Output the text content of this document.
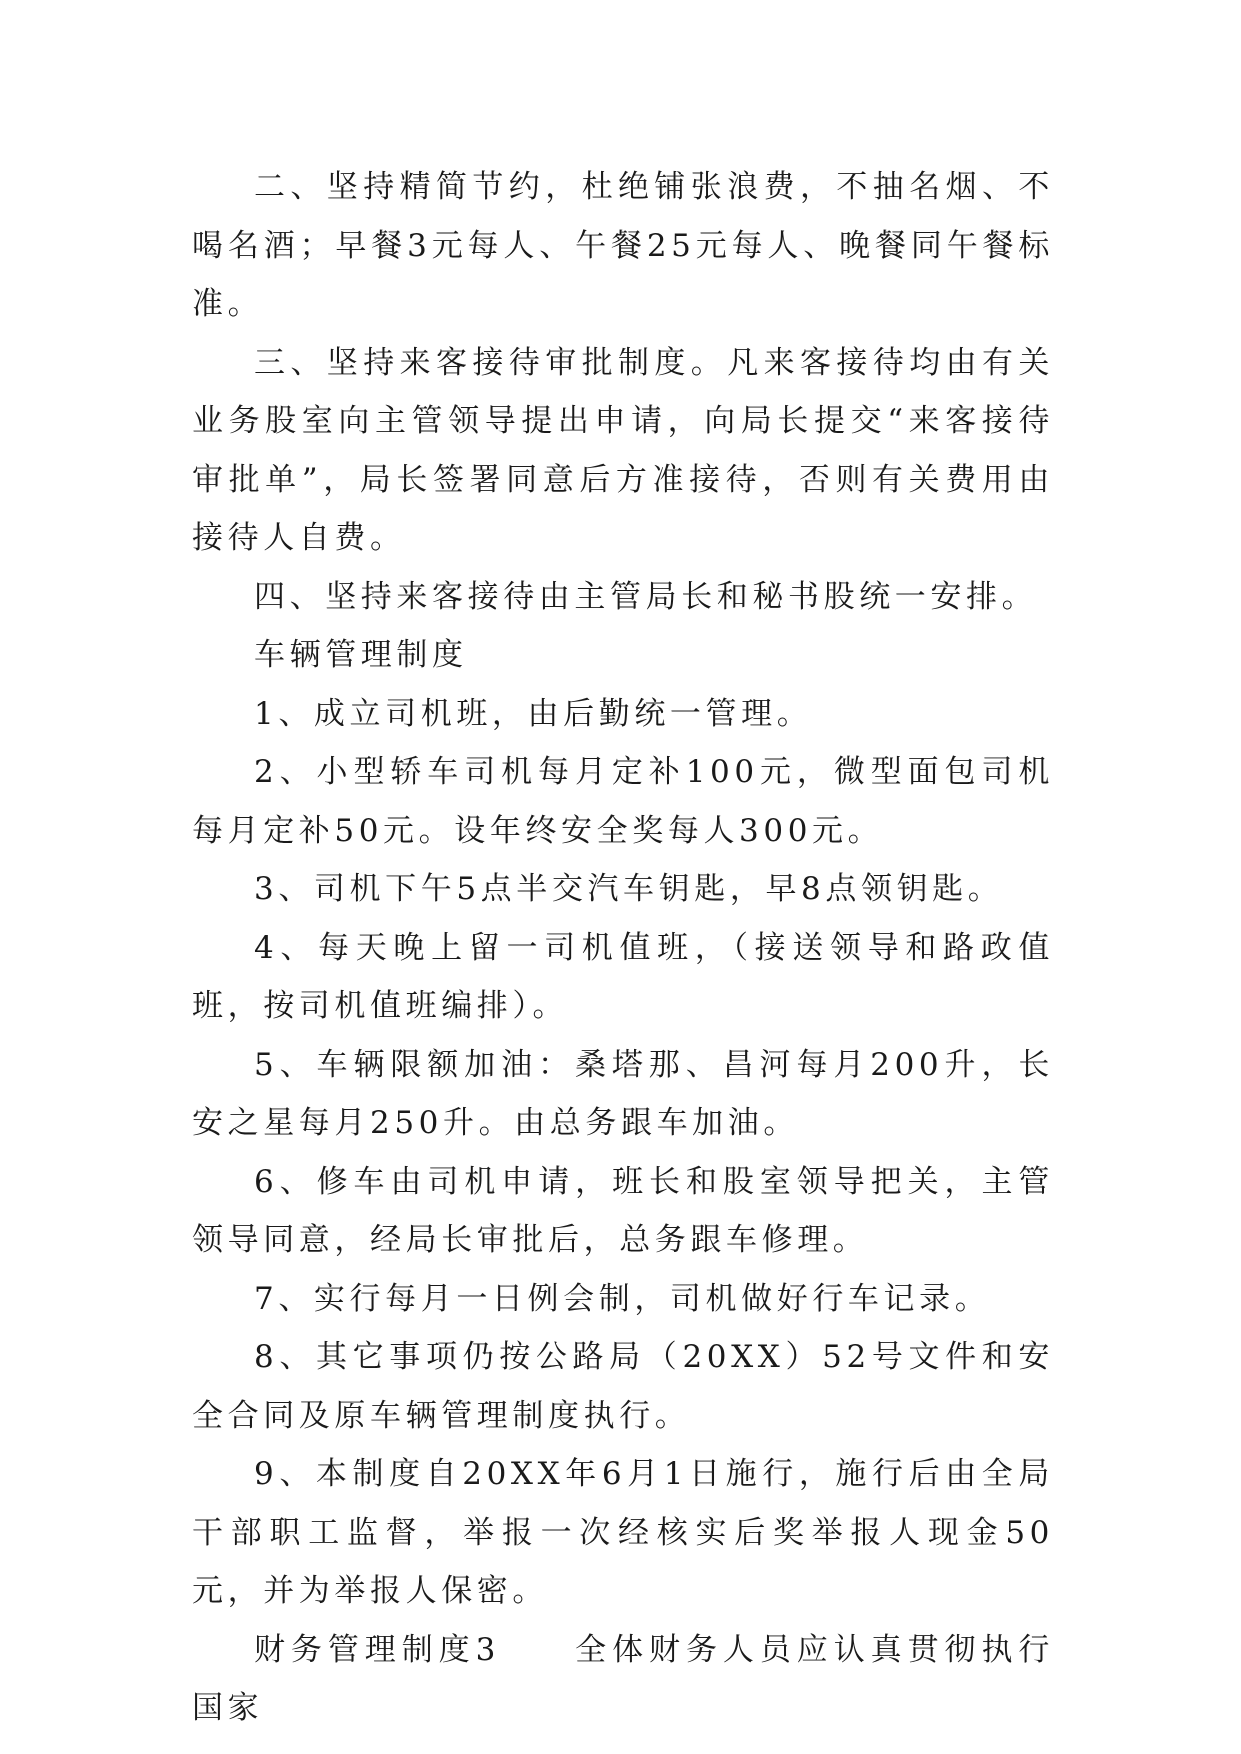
二、坚持精简节约，杜绝铺张浪费，不抽名烟、不喝名酒；早餐3元每人、午餐25元每人、晚餐同午餐标准。

三、坚持来客接待审批制度。凡来客接待均由有关业务股室向主管领导提出申请，向局长提交“来客接待审批单”，局长签署同意后方准接待，否则有关费用由接待人自费。

四、坚持来客接待由主管局长和秘书股统一安排。

车辆管理制度

1、成立司机班，由后勤统一管理。

2、小型轿车司机每月定补100元，微型面包司机每月定补50元。设年终安全奖每人300元。

3、司机下午5点半交汽车钥匙，早8点领钥匙。

4、每天晚上留一司机值班，（接送领导和路政值班，按司机值班编排）。

5、车辆限额加油：桑塔那、昌河每月200升，长安之星每月250升。由总务跟车加油。

6、修车由司机申请，班长和股室领导把关，主管领导同意，经局长审批后，总务跟车修理。

7、实行每月一日例会制，司机做好行车记录。

8、其它事项仍按公路局（20XX）52号文件和安全合同及原车辆管理制度执行。

9、本制度自20XX年6月1日施行，施行后由全局干部职工监督，举报一次经核实后奖举报人现金50元，并为举报人保密。

财务管理制度3　　全体财务人员应认真贯彻执行国家
